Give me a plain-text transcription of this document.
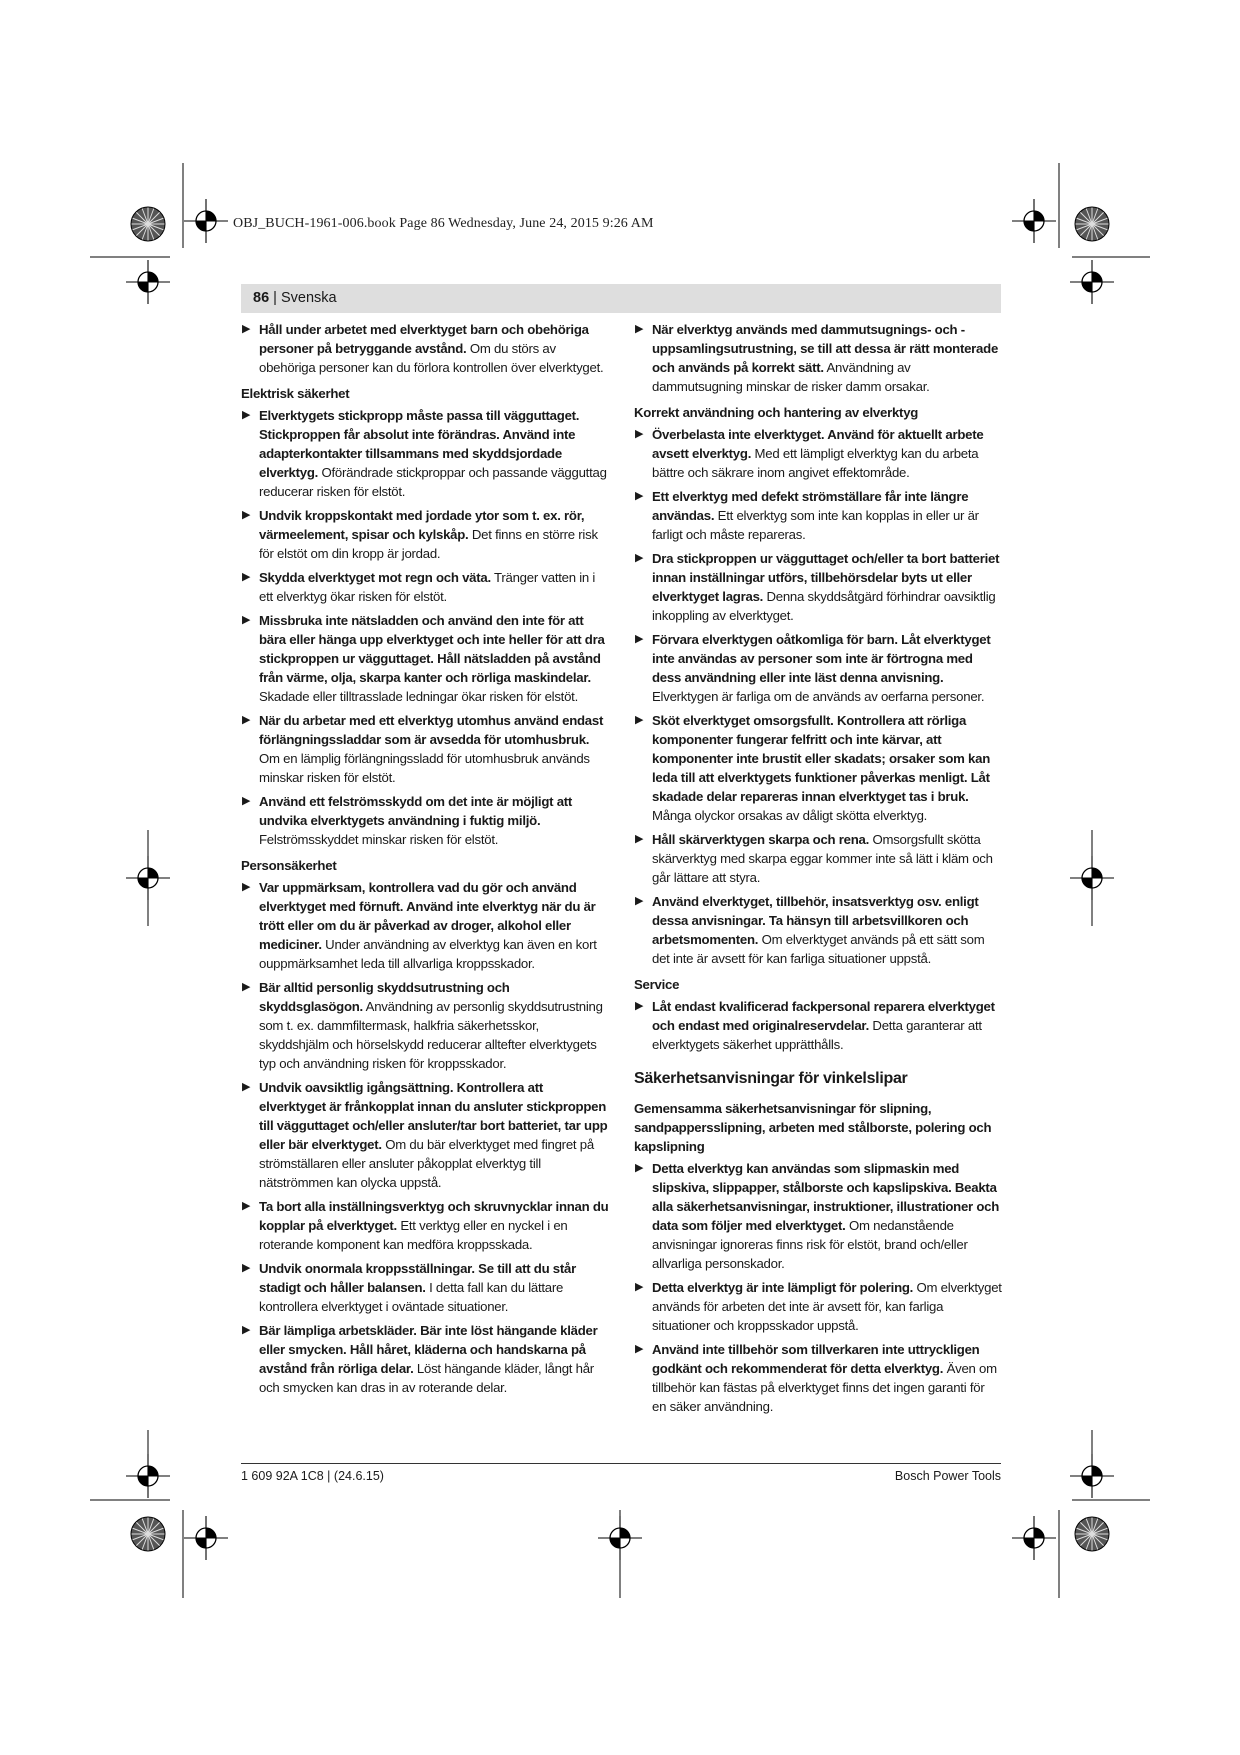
OBJ_BUCH-1961-006.book Page 86 Wednesday, June 24, 2015 9:26 AM
86 | Svenska
▶ Håll under arbetet med elverktyget barn och obehöriga personer på betryggande avstånd. Om du störs av obehöriga personer kan du förlora kontrollen över elverktyget.
Elektrisk säkerhet
▶ Elverktygets stickpropp måste passa till vägguttaget. Stickproppen får absolut inte förändras. Använd inte adapterkontakter tillsammans med skyddsjordade elverktyg. Oförändrade stickproppar och passande vägguttag reducerar risken för elstöt.
▶ Undvik kroppskontakt med jordade ytor som t. ex. rör, värmeelement, spisar och kylskåp. Det finns en större risk för elstöt om din kropp är jordad.
▶ Skydda elverktyget mot regn och väta. Tränger vatten in i ett elverktyg ökar risken för elstöt.
▶ Missbruka inte nätsladden och använd den inte för att bära eller hänga upp elverktyget och inte heller för att dra stickproppen ur vägguttaget. Håll nätsladden på avstånd från värme, olja, skarpa kanter och rörliga maskindelar. Skadade eller tilltrasslade ledningar ökar risken för elstöt.
▶ När du arbetar med ett elverktyg utomhus använd endast förlängningssladdar som är avsedda för utomhusbruk. Om en lämplig förlängningssladd för utomhusbruk används minskar risken för elstöt.
▶ Använd ett felströmsskydd om det inte är möjligt att undvika elverktygets användning i fuktig miljö. Felströmsskyddet minskar risken för elstöt.
Personsäkerhet
▶ Var uppmärksam, kontrollera vad du gör och använd elverktyget med förnuft. Använd inte elverktyg när du är trött eller om du är påverkad av droger, alkohol eller mediciner. Under användning av elverktyg kan även en kort ouppmärksamhet leda till allvarliga kroppsskador.
▶ Bär alltid personlig skyddsutrustning och skyddsglasögon. Användning av personlig skyddsutrustning som t. ex. dammfiltermask, halkfria säkerhetsskor, skyddshjälm och hörselskydd reducerar alltefter elverktygets typ och användning risken för kroppsskador.
▶ Undvik oavsiktlig igångsättning. Kontrollera att elverktyget är frånkopplat innan du ansluter stickproppen till vägguttaget och/eller ansluter/tar bort batteriet, tar upp eller bär elverktyget. Om du bär elverktyget med fingret på strömställaren eller ansluter påkopplat elverktyg till nätströmmen kan olycka uppstå.
▶ Ta bort alla inställningsverktyg och skruvnycklar innan du kopplar på elverktyget. Ett verktyg eller en nyckel i en roterande komponent kan medföra kroppsskada.
▶ Undvik onormala kroppsställningar. Se till att du står stadigt och håller balansen. I detta fall kan du lättare kontrollera elverktyget i oväntade situationer.
▶ Bär lämpliga arbetskläder. Bär inte löst hängande kläder eller smycken. Håll håret, kläderna och handskarna på avstånd från rörliga delar. Löst hängande kläder, långt hår och smycken kan dras in av roterande delar.
▶ När elverktyg används med dammutsugnings- och -uppsamlingsutrustning, se till att dessa är rätt monterade och används på korrekt sätt. Användning av dammutsugning minskar de risker damm orsakar.
Korrekt användning och hantering av elverktyg
▶ Överbelasta inte elverktyget. Använd för aktuellt arbete avsett elverktyg. Med ett lämpligt elverktyg kan du arbeta bättre och säkrare inom angivet effektområde.
▶ Ett elverktyg med defekt strömställare får inte längre användas. Ett elverktyg som inte kan kopplas in eller ur är farligt och måste repareras.
▶ Dra stickproppen ur vägguttaget och/eller ta bort batteriet innan inställningar utförs, tillbehörsdelar byts ut eller elverktyget lagras. Denna skyddsåtgärd förhindrar oavsiktlig inkoppling av elverktyget.
▶ Förvara elverktygen oåtkomliga för barn. Låt elverktyget inte användas av personer som inte är förtrogna med dess användning eller inte läst denna anvisning. Elverktygen är farliga om de används av oerfarna personer.
▶ Sköt elverktyget omsorgsfullt. Kontrollera att rörliga komponenter fungerar felfritt och inte kärvar, att komponenter inte brustit eller skadats; orsaker som kan leda till att elverktygets funktioner påverkas menligt. Låt skadade delar repareras innan elverktyget tas i bruk. Många olyckor orsakas av dåligt skötta elverktyg.
▶ Håll skärverktygen skarpa och rena. Omsorgsfullt skötta skärverktyg med skarpa eggar kommer inte så lätt i kläm och går lättare att styra.
▶ Använd elverktyget, tillbehör, insatsverktyg osv. enligt dessa anvisningar. Ta hänsyn till arbetsvillkoren och arbetsmomenten. Om elverktyget används på ett sätt som det inte är avsett för kan farliga situationer uppstå.
Service
▶ Låt endast kvalificerad fackpersonal reparera elverktyget och endast med originalreservdelar. Detta garanterar att elverktygets säkerhet upprätthålls.
Säkerhetsanvisningar för vinkelslipar
Gemensamma säkerhetsanvisningar för slipning, sandpappersslipning, arbeten med stålborste, polering och kapslipning
▶ Detta elverktyg kan användas som slipmaskin med slipskiva, slippapper, stålborste och kapslipskiva. Beakta alla säkerhetsanvisningar, instruktioner, illustrationer och data som följer med elverktyget. Om nedanstående anvisningar ignoreras finns risk för elstöt, brand och/eller allvarliga personskador.
▶ Detta elverktyg är inte lämpligt för polering. Om elverktyget används för arbeten det inte är avsett för, kan farliga situationer och kroppsskador uppstå.
▶ Använd inte tillbehör som tillverkaren inte uttryckligen godkänt och rekommenderat för detta elverktyg. Även om tillbehör kan fästas på elverktyget finns det ingen garanti för en säker användning.
1 609 92A 1C8 | (24.6.15)	Bosch Power Tools
